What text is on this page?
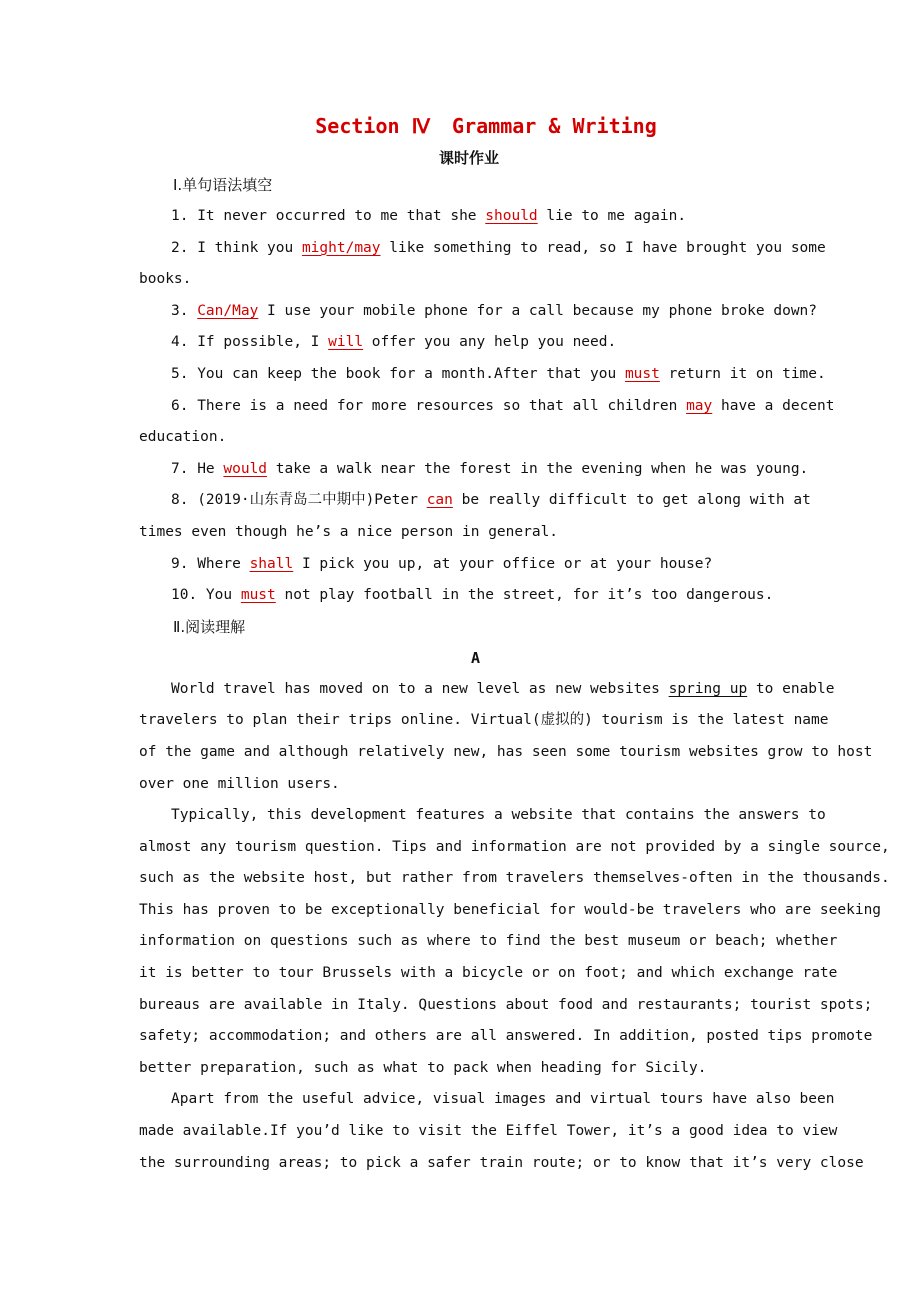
Section Ⅳ Grammar & Writing
课时作业
Ⅰ.单句语法填空
1. It never occurred to me that she should lie to me again.
2. I think you might/may like something to read, so I have brought you some
books.
3. Can/May I use your mobile phone for a call because my phone broke down?
4. If possible, I will offer you any help you need.
5. You can keep the book for a month.After that you must return it on time.
6. There is a need for more resources so that all children may have a decent
education.
7. He would take a walk near the forest in the evening when he was young.
8. (2019·山东青岛二中期中)Peter can be really difficult to get along with at
times even though he’s a nice person in general.
9. Where shall I pick you up, at your office or at your house?
10. You must not play football in the street, for it’s too dangerous.
Ⅱ.阅读理解
A
World travel has moved on to a new level as new websites spring up to enable
travelers to plan their trips online. Virtual(虚拟的) tourism is the latest name
of the game and although relatively new, has seen some tourism websites grow to host
over one million users.
Typically, this development features a website that contains the answers to
almost any tourism question. Tips and information are not provided by a single source,
such as the website host, but rather from travelers themselves-often in the thousands.
This has proven to be exceptionally beneficial for would-be travelers who are seeking
information on questions such as where to find the best museum or beach; whether
it is better to tour Brussels with a bicycle or on foot; and which exchange rate
bureaus are available in Italy. Questions about food and restaurants; tourist spots;
safety; accommodation; and others are all answered. In addition, posted tips promote
better preparation, such as what to pack when heading for Sicily.
Apart from the useful advice, visual images and virtual tours have also been
made available.If you’d like to visit the Eiffel Tower, it’s a good idea to view
the surrounding areas; to pick a safer train route; or to know that it’s very close
